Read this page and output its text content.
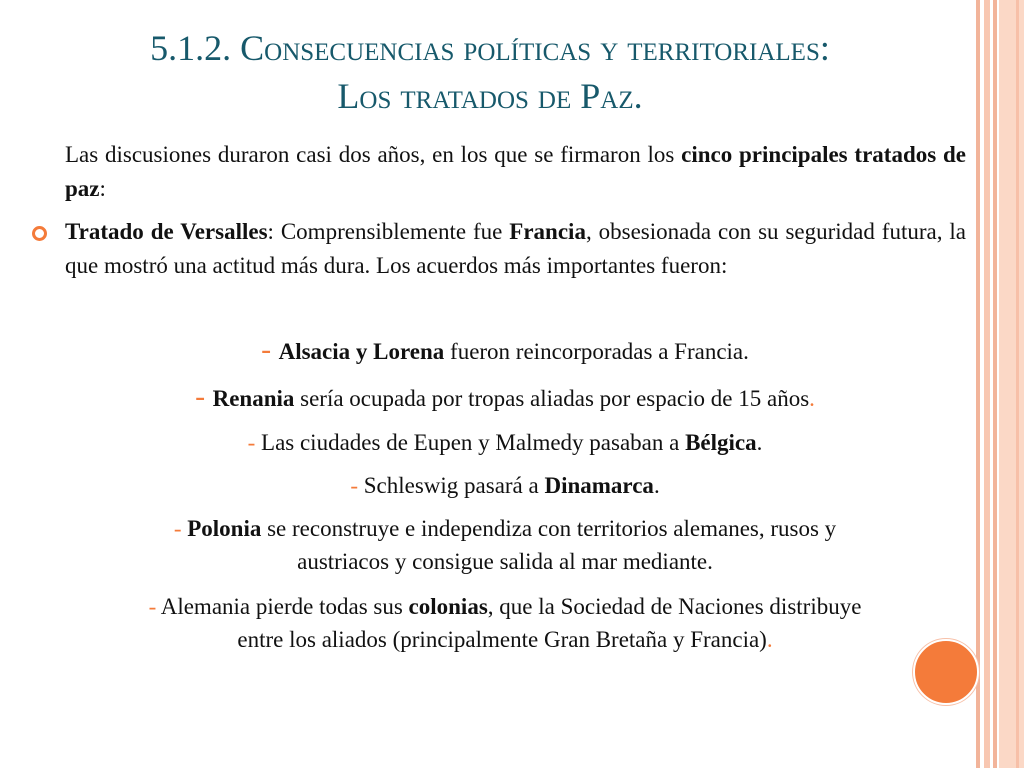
5.1.2. Consecuencias políticas y territoriales:
Los tratados de Paz.
Las discusiones duraron casi dos años, en los que se firmaron los cinco principales tratados de paz:
Tratado de Versalles: Comprensiblemente fue Francia, obsesionada con su seguridad futura, la que mostró una actitud más dura. Los acuerdos más importantes fueron:
- Alsacia y Lorena fueron reincorporadas a Francia.
- Renania sería ocupada por tropas aliadas por espacio de 15 años.
- Las ciudades de Eupen y Malmedy pasaban a Bélgica.
- Schleswig pasará a Dinamarca.
- Polonia se reconstruye e independiza con territorios alemanes, rusos y
austriacos y consigue salida al mar mediante.
- Alemania pierde todas sus colonias, que la Sociedad de Naciones distribuye
entre los aliados (principalmente Gran Bretaña y Francia).
